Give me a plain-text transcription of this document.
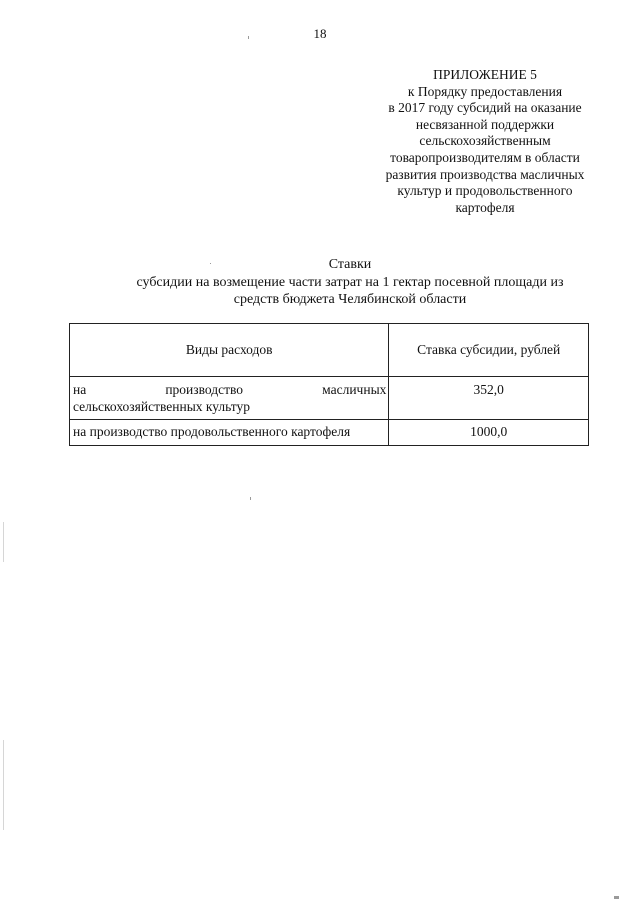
18
ПРИЛОЖЕНИЕ 5
к Порядку предоставления
в 2017 году субсидий на оказание
несвязанной поддержки
сельскохозяйственным
товаропроизводителям в области
развития производства масличных
культур и продовольственного
картофеля
Ставки
субсидии на возмещение части затрат на 1 гектар посевной площади из
средств бюджета Челябинской области
Виды расходов	Ставка субсидии, рублей

на производство масличных
сельскохозяйственных культур	352,0
на производство продовольственного картофеля	1000,0
